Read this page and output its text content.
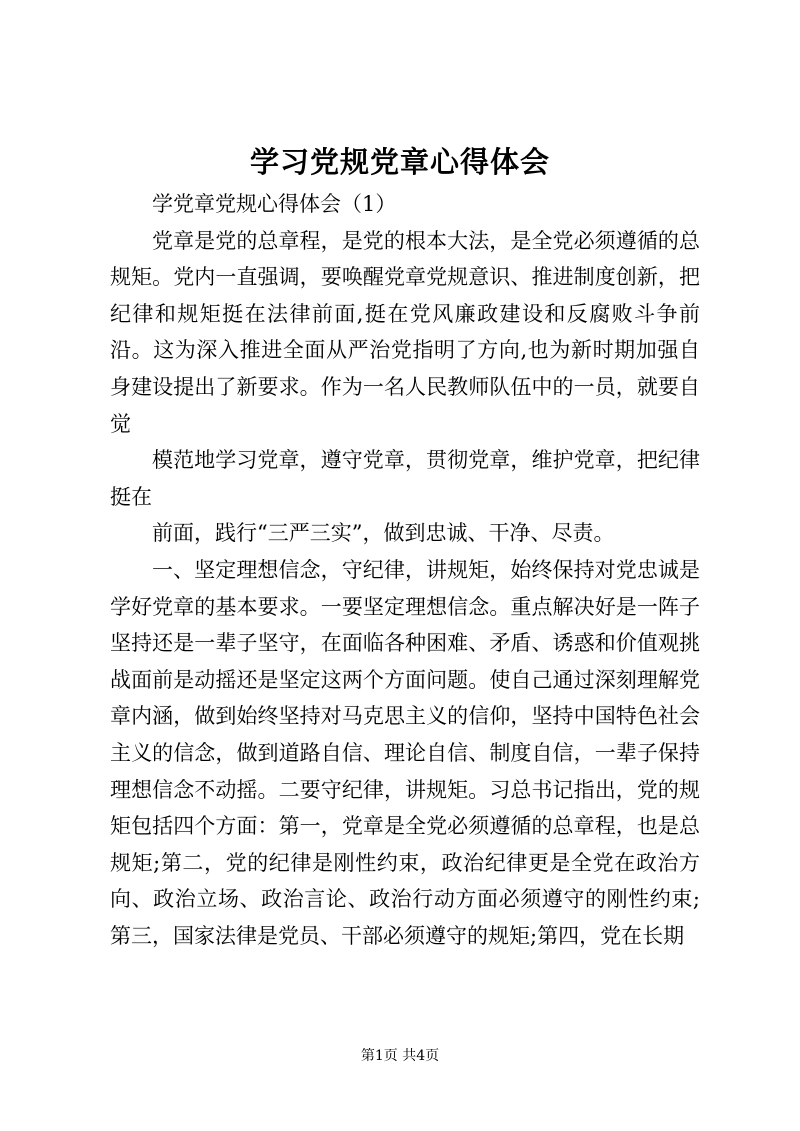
学习党规党章心得体会

学党章党规心得体会（1）

党章是党的总章程，是党的根本大法，是全党必须遵循的总规矩。党内一直强调，要唤醒党章党规意识、推进制度创新，把纪律和规矩挺在法律前面,挺在党风廉政建设和反腐败斗争前沿。这为深入推进全面从严治党指明了方向,也为新时期加强自身建设提出了新要求。作为一名人民教师队伍中的一员，就要自觉

模范地学习党章，遵守党章，贯彻党章，维护党章，把纪律挺在

前面，践行“三严三实”，做到忠诚、干净、尽责。

一、坚定理想信念，守纪律，讲规矩，始终保持对党忠诚是学好党章的基本要求。一要坚定理想信念。重点解决好是一阵子坚持还是一辈子坚守，在面临各种困难、矛盾、诱惑和价值观挑战面前是动摇还是坚定这两个方面问题。使自己通过深刻理解党章内涵，做到始终坚持对马克思主义的信仰，坚持中国特色社会主义的信念，做到道路自信、理论自信、制度自信，一辈子保持理想信念不动摇。二要守纪律，讲规矩。习总书记指出，党的规矩包括四个方面：第一，党章是全党必须遵循的总章程，也是总规矩;第二，党的纪律是刚性约束，政治纪律更是全党在政治方向、政治立场、政治言论、政治行动方面必须遵守的刚性约束;第三，国家法律是党员、干部必须遵守的规矩;第四，党在长期

第1页 共4页
